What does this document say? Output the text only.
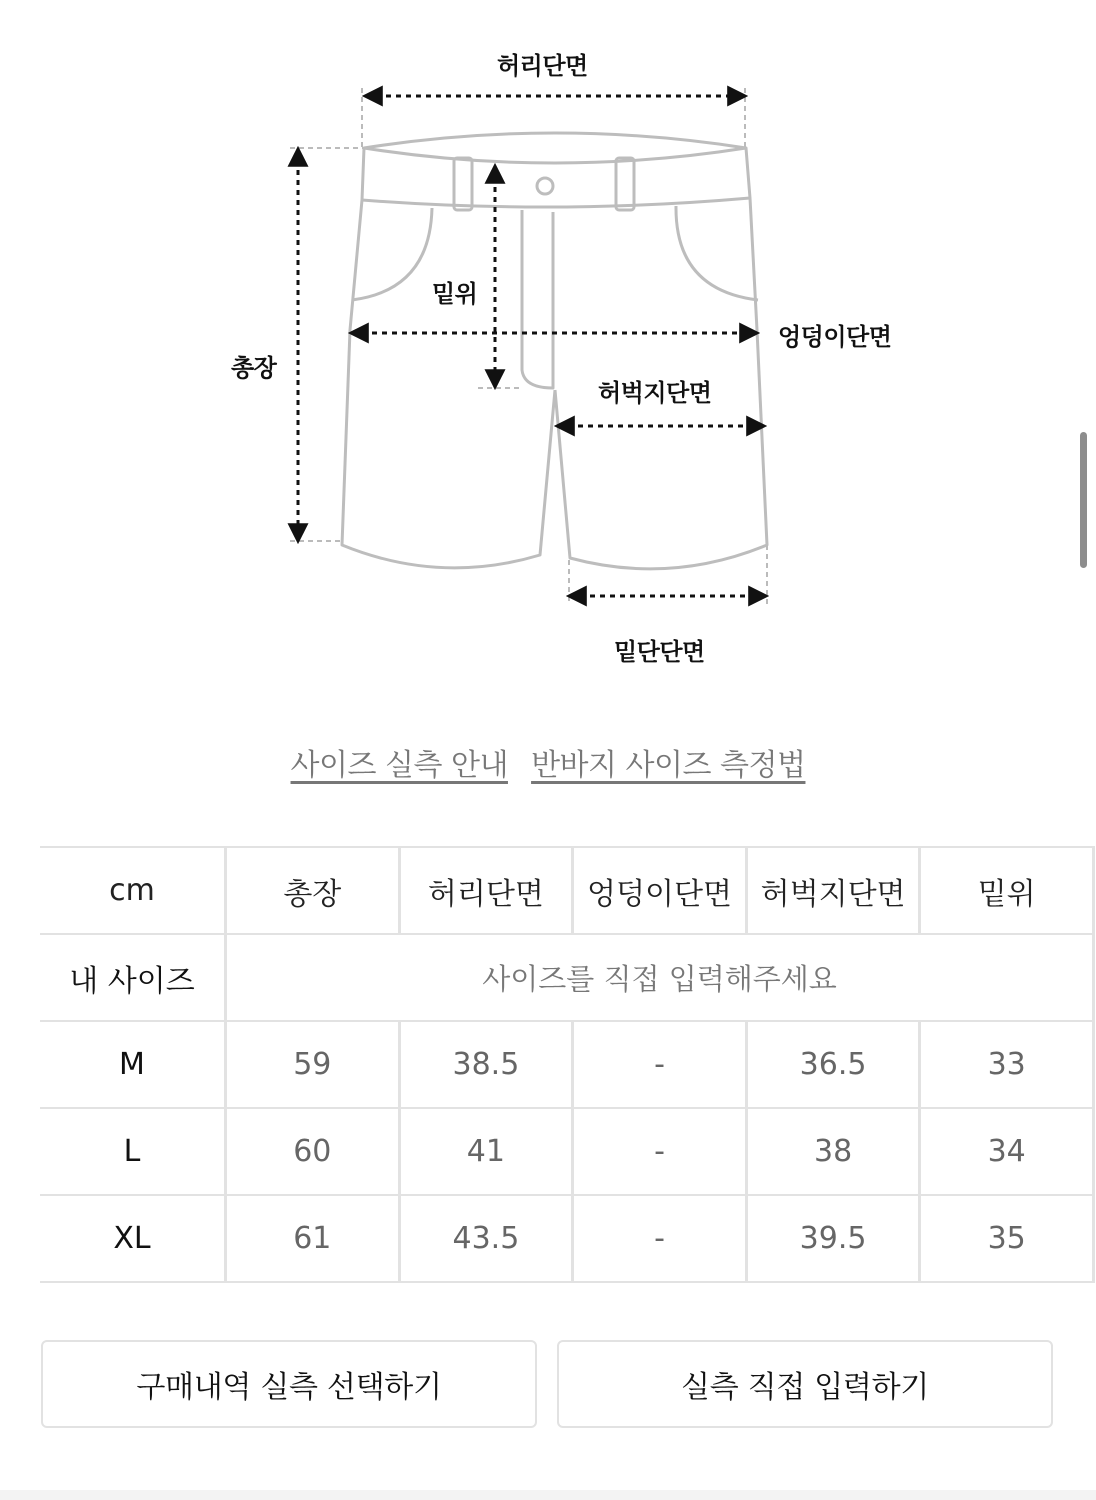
허리단면
밑위
엉덩이단면
총장
허벅지단면
밑단단면
사이즈 실측 안내 반바지 사이즈 측정법
cm	총장	허리단면	엉덩이단면	허벅지단면	밑위
내 사이즈	사이즈를 직접 입력해주세요				
M	59	38.5	-	36.5	33
L	60	41	-	38	34
XL	61	43.5	-	39.5	35
구매내역 실측 선택하기	실측 직접 입력하기
